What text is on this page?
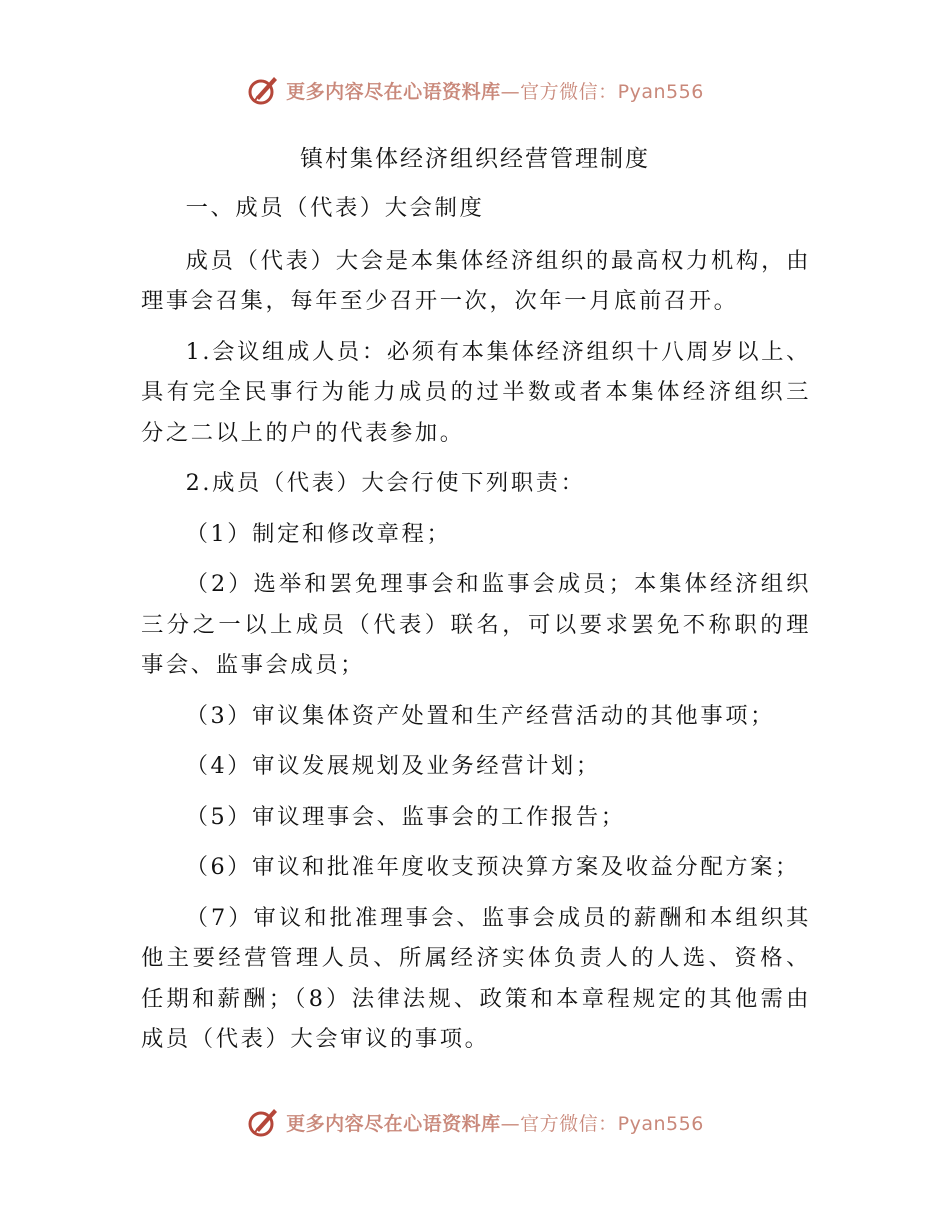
更多内容尽在心语资料库—官方微信：Pyan556
镇村集体经济组织经营管理制度

一、成员（代表）大会制度

成员（代表）大会是本集体经济组织的最高权力机构，由理事会召集，每年至少召开一次，次年一月底前召开。

1.会议组成人员：必须有本集体经济组织十八周岁以上、具有完全民事行为能力成员的过半数或者本集体经济组织三分之二以上的户的代表参加。

2.成员（代表）大会行使下列职责：

（1）制定和修改章程；

（2）选举和罢免理事会和监事会成员；本集体经济组织三分之一以上成员（代表）联名，可以要求罢免不称职的理事会、监事会成员；

（3）审议集体资产处置和生产经营活动的其他事项；

（4）审议发展规划及业务经营计划；

（5）审议理事会、监事会的工作报告；

（6）审议和批准年度收支预决算方案及收益分配方案；

（7）审议和批准理事会、监事会成员的薪酬和本组织其他主要经营管理人员、所属经济实体负责人的人选、资格、任期和薪酬；（8）法律法规、政策和本章程规定的其他需由成员（代表）大会审议的事项。

更多内容尽在心语资料库—官方微信：Pyan556
